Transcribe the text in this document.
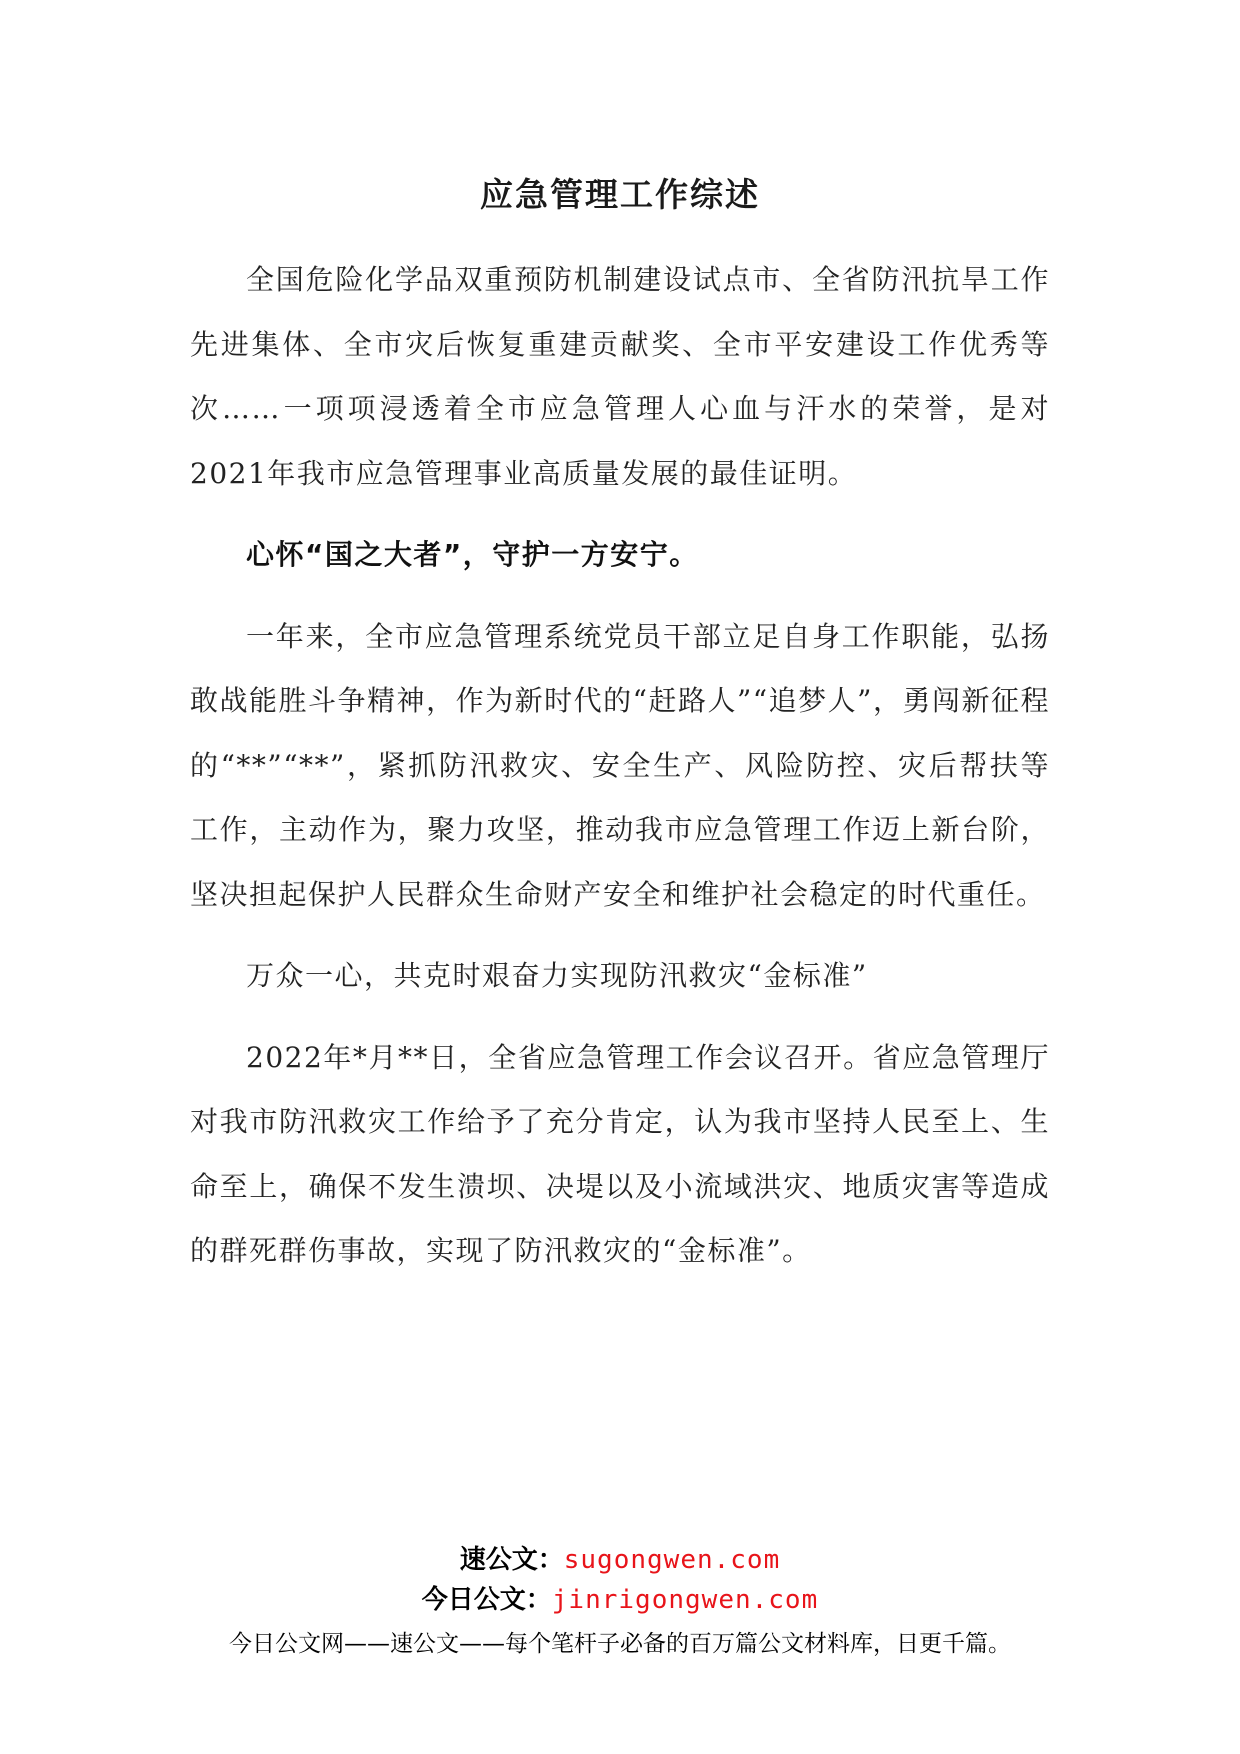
应急管理工作综述

全国危险化学品双重预防机制建设试点市、全省防汛抗旱工作先进集体、全市灾后恢复重建贡献奖、全市平安建设工作优秀等次……一项项浸透着全市应急管理人心血与汗水的荣誉，是对2021年我市应急管理事业高质量发展的最佳证明。

心怀“国之大者”，守护一方安宁。

一年来，全市应急管理系统党员干部立足自身工作职能，弘扬敢战能胜斗争精神，作为新时代的“赶路人”“追梦人”，勇闯新征程的“**”“**”，紧抓防汛救灾、安全生产、风险防控、灾后帮扶等工作，主动作为，聚力攻坚，推动我市应急管理工作迈上新台阶，坚决担起保护人民群众生命财产安全和维护社会稳定的时代重任。

万众一心，共克时艰奋力实现防汛救灾“金标准”

2022年*月**日，全省应急管理工作会议召开。省应急管理厅对我市防汛救灾工作给予了充分肯定，认为我市坚持人民至上、生命至上，确保不发生溃坝、决堤以及小流域洪灾、地质灾害等造成的群死群伤事故，实现了防汛救灾的“金标准”。

速公文：sugongwen.com
今日公文：jinrigongwen.com
今日公文网——速公文——每个笔杆子必备的百万篇公文材料库，日更千篇。
